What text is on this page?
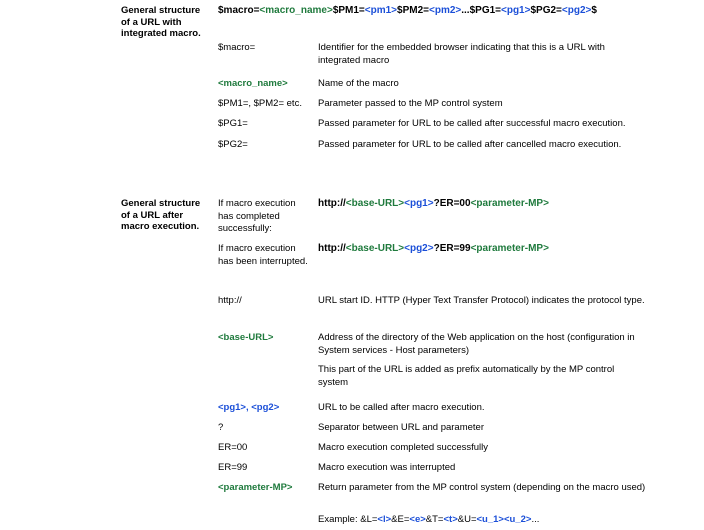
General structure
of a URL with
integrated macro.
$macro=<macro_name>$PM1=<pm1>$PM2=<pm2>...$PG1=<pg1>$PG2=<pg2>$
$macro=	Identifier for the embedded browser indicating that this is a URL with integrated macro
<macro_name>	Name of the macro
$PM1=, $PM2= etc.	Parameter passed to the MP control system
$PG1=	Passed parameter for URL to be called after successful macro execution.
$PG2=	Passed parameter for URL to be called after cancelled macro execution.
General structure
of a URL after
macro execution.
If macro execution has completed successfully:
http://<base-URL><pg1>?ER=00<parameter-MP>
If macro execution has been interrupted.
http://<base-URL><pg2>?ER=99<parameter-MP>
http://	URL start ID. HTTP (Hyper Text Transfer Protocol) indicates the protocol type.
<base-URL>	Address of the directory of the Web application on the host (configuration in System services - Host parameters)
This part of the URL is added as prefix automatically by the MP control system
<pg1>, <pg2>	URL to be called after macro execution.
?	Separator between URL and parameter
ER=00	Macro execution completed successfully
ER=99	Macro execution was interrupted
<parameter-MP>	Return parameter from the MP control system (depending on the macro used)
Example: &L=<l>&E=<e>&T=<t>&U=<u_1><u_2>...
